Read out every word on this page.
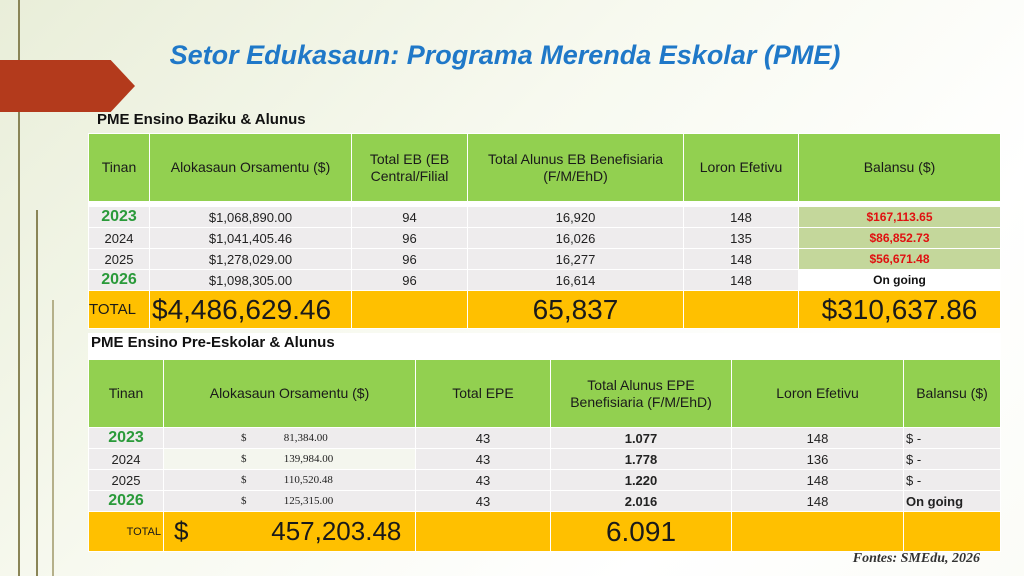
Setor Edukasaun: Programa Merenda Eskolar (PME)
PME Ensino Baziku & Alunus
Tinan	Alokasaun Orsamentu ($)	Total EB (EB Central/Filial	Total Alunus EB Benefisiaria (F/M/EhD)	Loron Efetivu	Balansu ($)

2023	$1,068,890.00	94	16,920	148	$167,113.65
2024	$1,041,405.46	96	16,026	135	$86,852.73
2025	$1,278,029.00	96	16,277	148	$56,671.48
2026	$1,098,305.00	96	16,614	148	On going
TOTAL	$4,486,629.46		65,837		$310,637.86
PME Ensino Pre-Eskolar & Alunus

Tinan	Alokasaun Orsamentu ($)	Total EPE	Total Alunus EPE Benefisiaria (F/M/EhD)	Loron Efetivu	Balansu ($)
2023	$ 81,384.00	43	1.077	148	$ -
2024	$ 139,984.00	43	1.778	136	$ -
2025	$ 110,520.48	43	1.220	148	$ -
2026	$ 125,315.00	43	2.016	148	On going
TOTAL	$ 457,203.48		6.091		
Fontes: SMEdu, 2026
